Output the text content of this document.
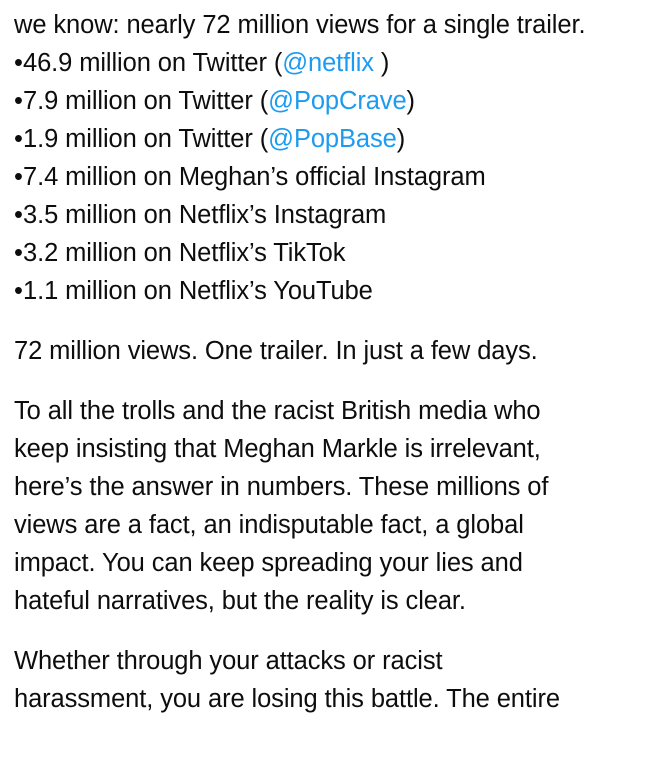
we know: nearly 72 million views for a single trailer.
•46.9 million on Twitter (@netflix )
•7.9 million on Twitter (@PopCrave)
•1.9 million on Twitter (@PopBase)
•7.4 million on Meghan’s official Instagram
•3.5 million on Netflix’s Instagram
•3.2 million on Netflix’s TikTok
•1.1 million on Netflix’s YouTube
72 million views. One trailer. In just a few days.
To all the trolls and the racist British media who
keep insisting that Meghan Markle is irrelevant,
here’s the answer in numbers. These millions of
views are a fact, an indisputable fact, a global
impact. You can keep spreading your lies and
hateful narratives, but the reality is clear.
Whether through your attacks or racist
harassment, you are losing this battle. The entire
